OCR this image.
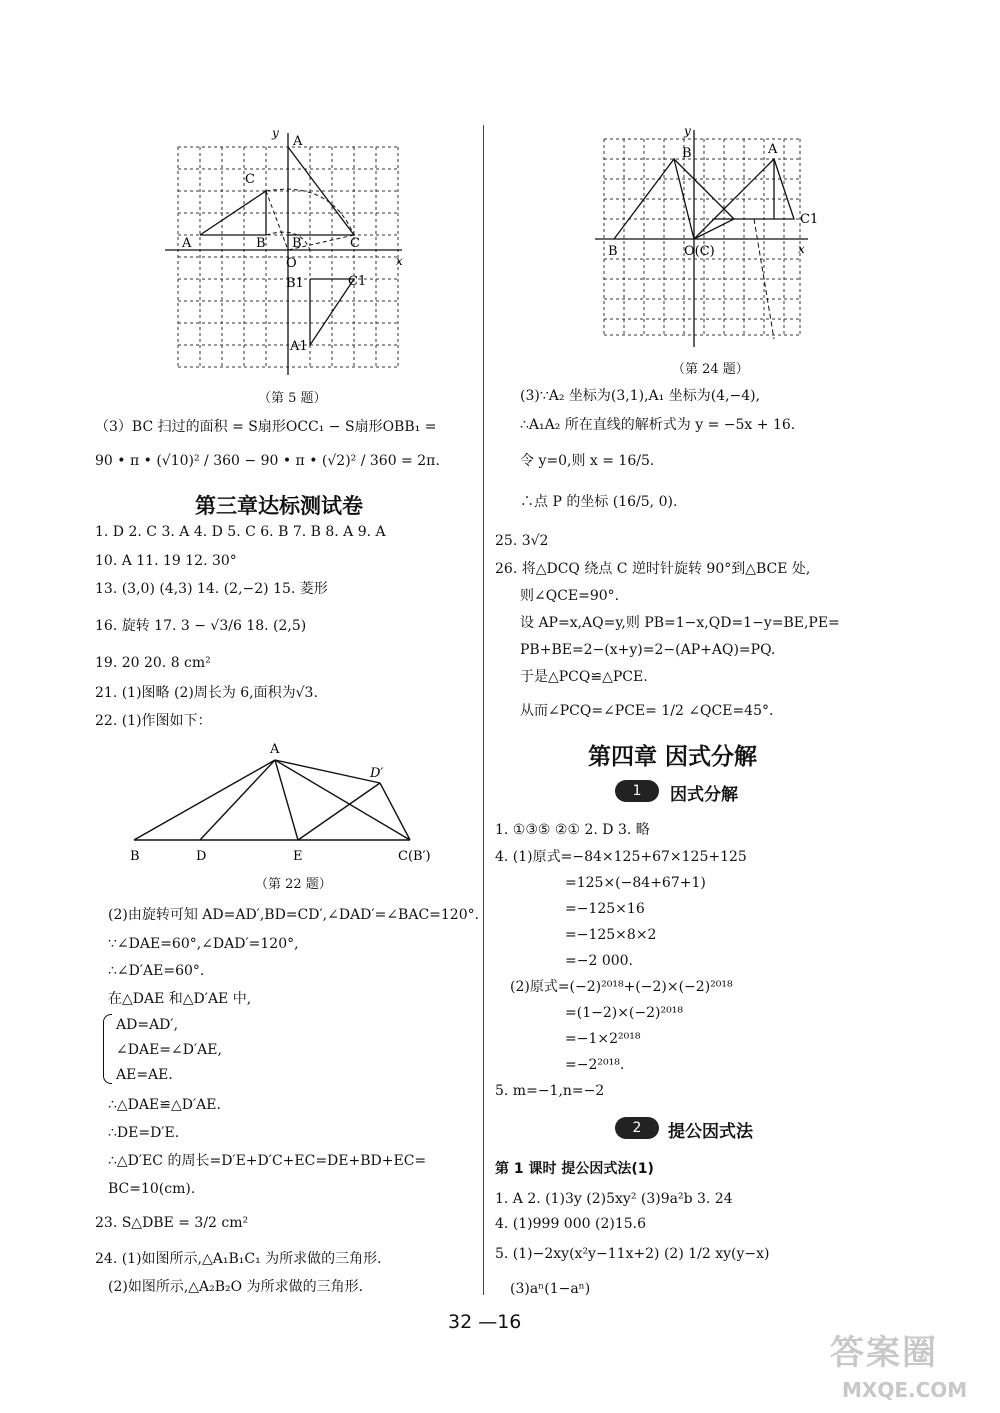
A
C
A
B B	C
O
B1	C1
A1
x
y
（第 5 题）
（3）BC 扫过的面积 = S扇形OCC₁ − S扇形OBB₁ =
90 • π • (√10)² / 360 − 90 • π • (√2)² / 360 = 2π.
第三章达标测试卷
1. D 2. C 3. A 4. D 5. C 6. B 7. B 8. A 9. A
10. A 11. 19 12. 30°
13. (3,0) (4,3) 14. (2,−2) 15. 菱形
16. 旋转 17. 3 − √3/6 18. (2,5)
19. 20 20. 8 cm²
21. (1)图略 (2)周长为 6,面积为√3.
22. (1)作图如下：
A
D′
B	D	E	C(B′)
（第 22 题）
(2)由旋转可知 AD=AD′,BD=CD′,∠DAD′=∠BAC=120°.
∵∠DAE=60°,∠DAD′=120°,
∴∠D′AE=60°.
在△DAE 和△D′AE 中,
AD=AD′,
∠DAE=∠D′AE,
AE=AE.
∴△DAE≌△D′AE.
∴DE=D′E.
∴△D′EC 的周长=D′E+D′C+EC=DE+BD+EC=
BC=10(cm).
23. S△DBE = 3/2 cm²
24. (1)如图所示,△A₁B₁C₁ 为所求做的三角形.
(2)如图所示,△A₂B₂O 为所求做的三角形.
B
A
O(C)
C1
B
y
x
（第 24 题）
(3)∵A₂ 坐标为(3,1),A₁ 坐标为(4,−4),
∴A₁A₂ 所在直线的解析式为 y = −5x + 16.
令 y=0,则 x = 16/5.
∴点 P 的坐标 (16/5, 0).
25. 3√2
26. 将△DCQ 绕点 C 逆时针旋转 90°到△BCE 处,
则∠QCE=90°.
设 AP=x,AQ=y,则 PB=1−x,QD=1−y=BE,PE=
PB+BE=2−(x+y)=2−(AP+AQ)=PQ.
于是△PCQ≌△PCE.
从而∠PCQ=∠PCE= 1/2 ∠QCE=45°.
第四章 因式分解
1	因式分解
1. ①③⑤ ②① 2. D 3. 略
4. (1)原式=−84×125+67×125+125
=125×(−84+67+1)
=−125×16
=−125×8×2
=−2 000.
(2)原式=(−2)²⁰¹⁸+(−2)×(−2)²⁰¹⁸
=(1−2)×(−2)²⁰¹⁸
=−1×2²⁰¹⁸
=−2²⁰¹⁸.
5. m=−1,n=−2
2	提公因式法
第 1 课时 提公因式法(1)
1. A 2. (1)3y (2)5xy² (3)9a²b 3. 24
4. (1)999 000 (2)15.6
5. (1)−2xy(x²y−11x+2) (2) 1/2 xy(y−x)
(3)aⁿ(1−aⁿ)
32 —16
答案圈
MXQE.COM
